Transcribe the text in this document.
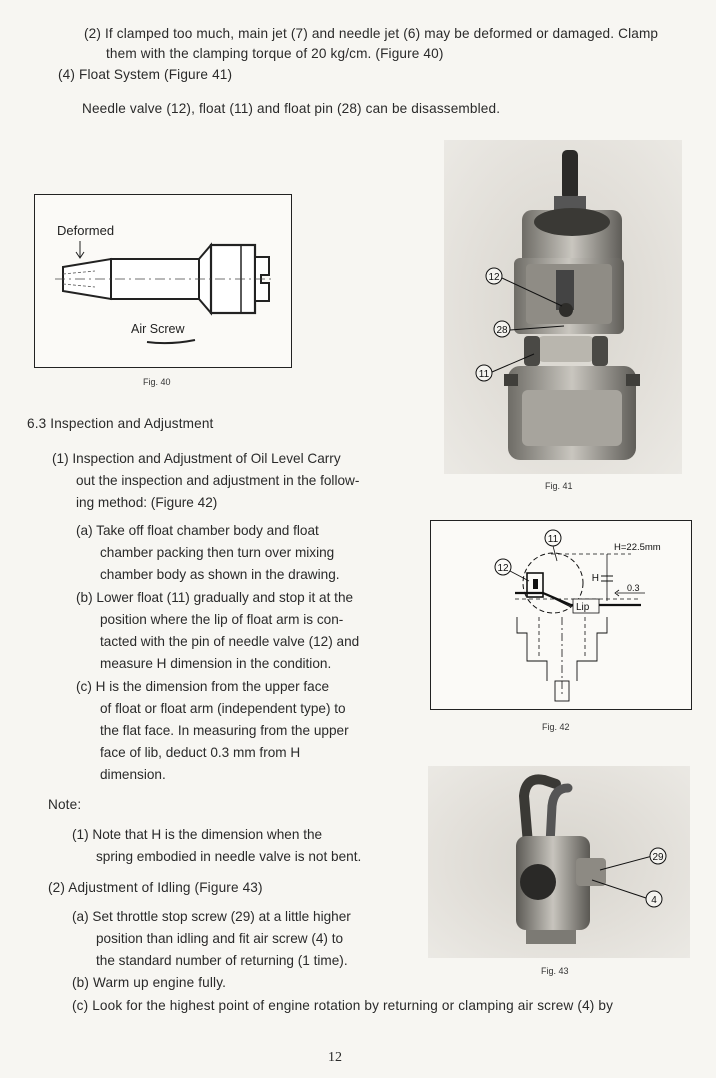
(2) If clamped too much, main jet (7) and needle jet (6) may be deformed or damaged. Clamp
them with the clamping torque of 20 kg/cm. (Figure 40)
(4) Float System (Figure 41)
Needle valve (12), float (11) and float pin (28) can be disassembled.
Deformed
Air Screw
Fig. 40
12
28
11
Fig. 41
11
H=22.5mm
12
Lip
H
0.3
Fig. 42
29
4
Fig. 43
6.3 Inspection and Adjustment
(1) Inspection and Adjustment of Oil Level Carry
out the inspection and adjustment in the follow-
ing method: (Figure 42)
(a) Take off float chamber body and float
chamber packing then turn over mixing
chamber body as shown in the drawing.
(b) Lower float (11) gradually and stop it at the
position where the lip of float arm is con-
tacted with the pin of needle valve (12) and
measure H dimension in the condition.
(c) H is the dimension from the upper face
of float or float arm (independent type) to
the flat face. In measuring from the upper
face of lib, deduct 0.3 mm from H
dimension.
Note:
(1) Note that H is the dimension when the
spring embodied in needle valve is not bent.
(2) Adjustment of Idling (Figure 43)
(a) Set throttle stop screw (29) at a little higher
position than idling and fit air screw (4) to
the standard number of returning (1 time).
(b) Warm up engine fully.
(c) Look for the highest point of engine rotation by returning or clamping air screw (4) by
12
